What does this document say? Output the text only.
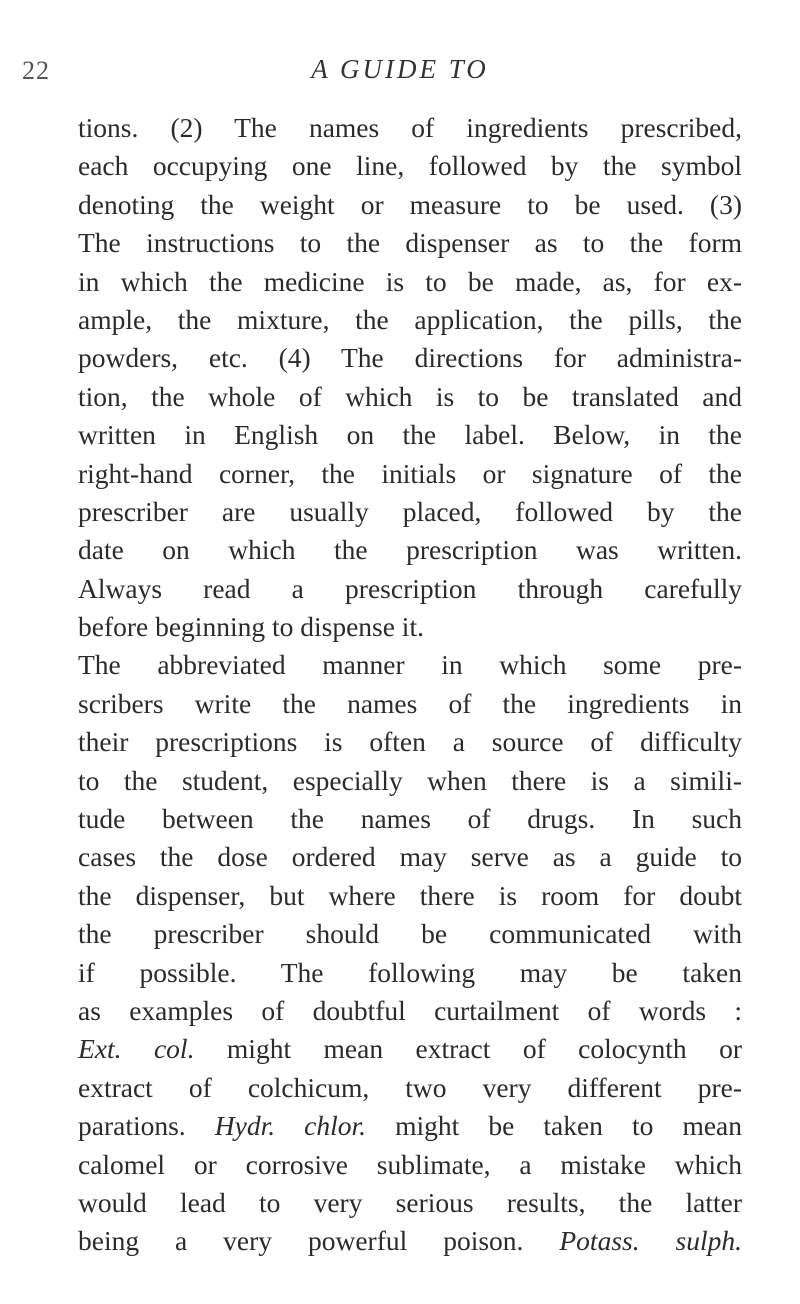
22	A GUIDE TO
tions. (2) The names of ingredients prescribed,
each occupying one line, followed by the symbol
denoting the weight or measure to be used. (3)
The instructions to the dispenser as to the form
in which the medicine is to be made, as, for ex-
ample, the mixture, the application, the pills, the
powders, etc. (4) The directions for administra-
tion, the whole of which is to be translated and
written in English on the label. Below, in the
right-hand corner, the initials or signature of the
prescriber are usually placed, followed by the
date on which the prescription was written.
Always read a prescription through carefully
before beginning to dispense it.
The abbreviated manner in which some pre-
scribers write the names of the ingredients in
their prescriptions is often a source of difficulty
to the student, especially when there is a simili-
tude between the names of drugs. In such
cases the dose ordered may serve as a guide to
the dispenser, but where there is room for doubt
the prescriber should be communicated with
if possible. The following may be taken
as examples of doubtful curtailment of words :
Ext. col. might mean extract of colocynth or
extract of colchicum, two very different pre-
parations. Hydr. chlor. might be taken to mean
calomel or corrosive sublimate, a mistake which
would lead to very serious results, the latter
being a very powerful poison. Potass. sulph.
